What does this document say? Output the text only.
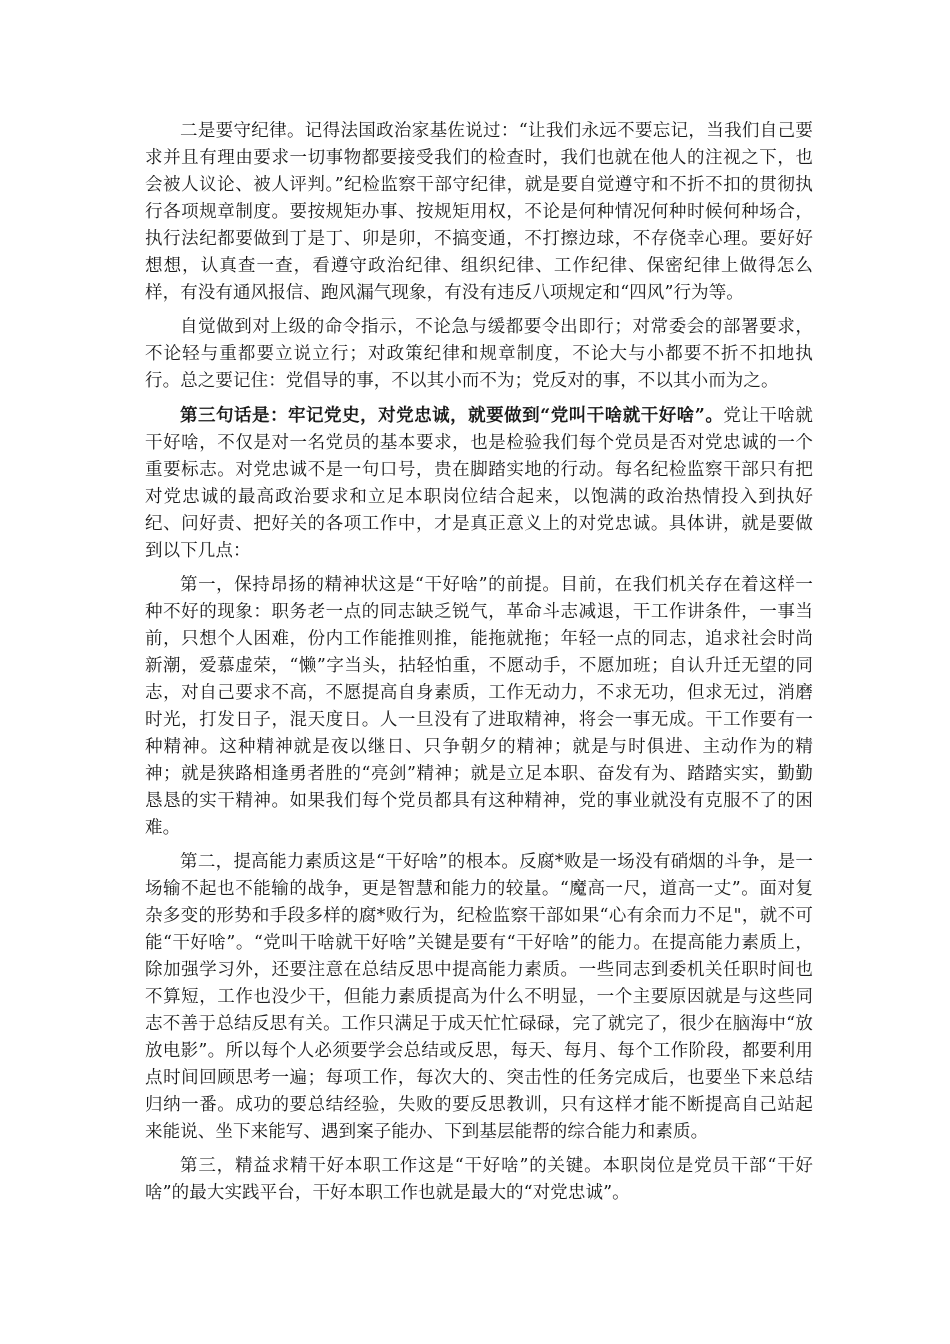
二是要守纪律。记得法国政治家基佐说过：“让我们永远不要忘记，当我们自己要求并且有理由要求一切事物都要接受我们的检查时，我们也就在他人的注视之下，也会被人议论、被人评判。”纪检监察干部守纪律，就是要自觉遵守和不折不扣的贯彻执行各项规章制度。要按规矩办事、按规矩用权，不论是何种情况何种时候何种场合，执行法纪都要做到丁是丁、卯是卯，不搞变通，不打擦边球，不存侥幸心理。要好好想想，认真查一查，看遵守政治纪律、组织纪律、工作纪律、保密纪律上做得怎么样，有没有通风报信、跑风漏气现象，有没有违反八项规定和“四风”行为等。

自觉做到对上级的命令指示，不论急与缓都要令出即行；对常委会的部署要求，不论轻与重都要立说立行；对政策纪律和规章制度，不论大与小都要不折不扣地执行。总之要记住：党倡导的事，不以其小而不为；党反对的事，不以其小而为之。

第三句话是：牢记党史，对党忠诚，就要做到“党叫干啥就干好啥”。党让干啥就干好啥，不仅是对一名党员的基本要求，也是检验我们每个党员是否对党忠诚的一个重要标志。对党忠诚不是一句口号，贵在脚踏实地的行动。每名纪检监察干部只有把对党忠诚的最高政治要求和立足本职岗位结合起来，以饱满的政治热情投入到执好纪、问好责、把好关的各项工作中，才是真正意义上的对党忠诚。具体讲，就是要做到以下几点：

第一，保持昂扬的精神状这是“干好啥”的前提。目前，在我们机关存在着这样一种不好的现象：职务老一点的同志缺乏锐气，革命斗志减退，干工作讲条件，一事当前，只想个人困难，份内工作能推则推，能拖就拖；年轻一点的同志，追求社会时尚新潮，爱慕虚荣，“懒”字当头，拈轻怕重，不愿动手，不愿加班；自认升迁无望的同志，对自己要求不高，不愿提高自身素质，工作无动力，不求无功，但求无过，消磨时光，打发日子，混天度日。人一旦没有了进取精神，将会一事无成。干工作要有一种精神。这种精神就是夜以继日、只争朝夕的精神；就是与时俱进、主动作为的精神；就是狭路相逢勇者胜的“亮剑”精神；就是立足本职、奋发有为、踏踏实实，勤勤恳恳的实干精神。如果我们每个党员都具有这种精神，党的事业就没有克服不了的困难。

第二，提高能力素质这是“干好啥”的根本。反腐*败是一场没有硝烟的斗争，是一场输不起也不能输的战争，更是智慧和能力的较量。“魔高一尺，道高一丈”。面对复杂多变的形势和手段多样的腐*败行为，纪检监察干部如果“心有余而力不足"，就不可能“干好啥”。“党叫干啥就干好啥”关键是要有“干好啥”的能力。在提高能力素质上，除加强学习外，还要注意在总结反思中提高能力素质。一些同志到委机关任职时间也不算短，工作也没少干，但能力素质提高为什么不明显，一个主要原因就是与这些同志不善于总结反思有关。工作只满足于成天忙忙碌碌，完了就完了，很少在脑海中“放放电影”。所以每个人必须要学会总结或反思，每天、每月、每个工作阶段，都要利用点时间回顾思考一遍；每项工作，每次大的、突击性的任务完成后，也要坐下来总结归纳一番。成功的要总结经验，失败的要反思教训，只有这样才能不断提高自己站起来能说、坐下来能写、遇到案子能办、下到基层能帮的综合能力和素质。

第三，精益求精干好本职工作这是“干好啥”的关键。本职岗位是党员干部“干好啥”的最大实践平台，干好本职工作也就是最大的“对党忠诚”。
